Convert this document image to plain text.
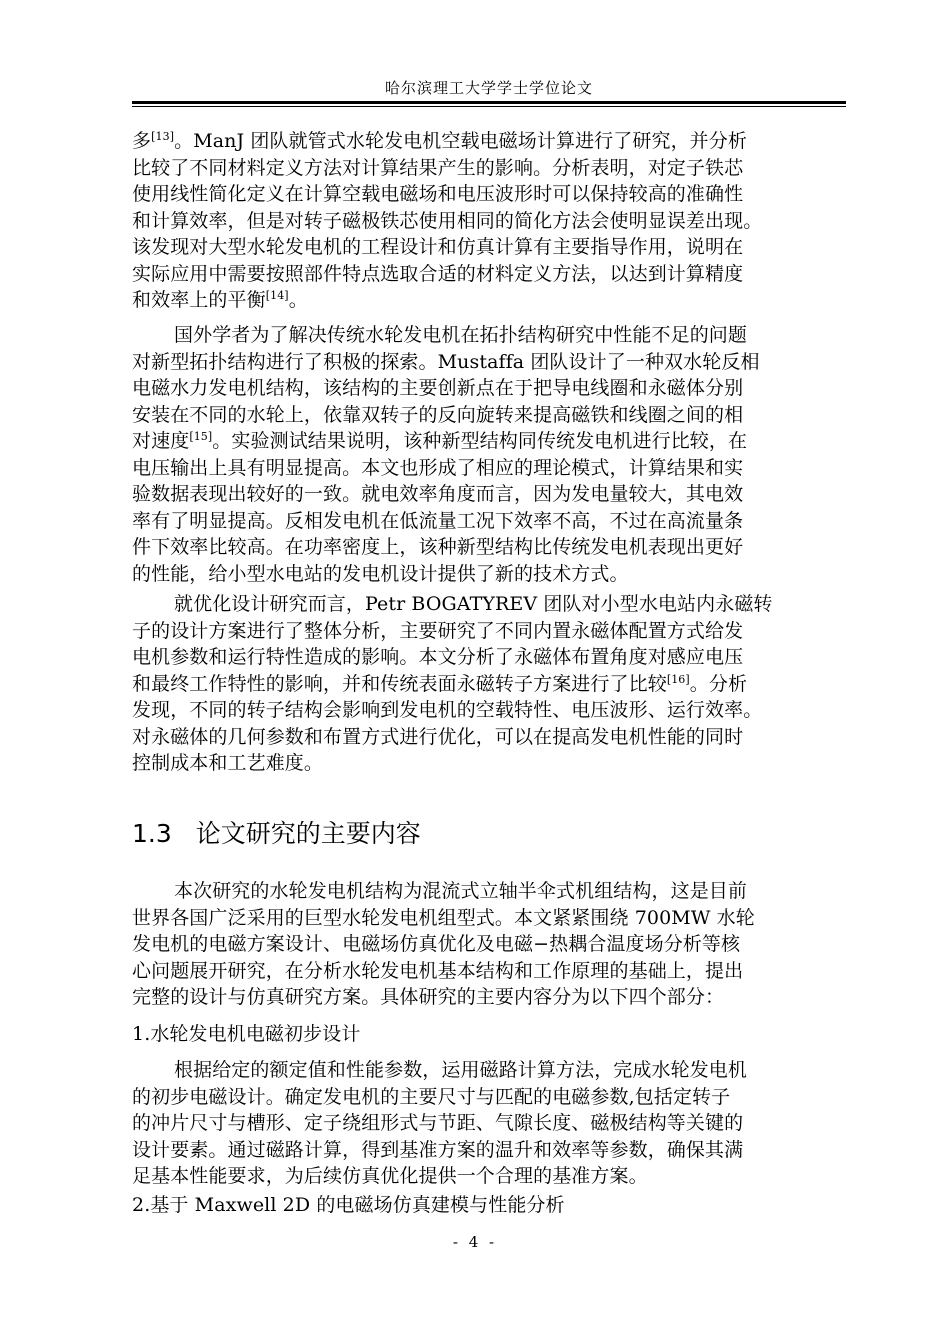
哈尔滨理工大学学士学位论文

多[13]。ManJ 团队就管式水轮发电机空载电磁场计算进行了研究，并分析

比较了不同材料定义方法对计算结果产生的影响。分析表明，对定子铁芯

使用线性简化定义在计算空载电磁场和电压波形时可以保持较高的准确性

和计算效率，但是对转子磁极铁芯使用相同的简化方法会使明显误差出现。

该发现对大型水轮发电机的工程设计和仿真计算有主要指导作用，说明在

实际应用中需要按照部件特点选取合适的材料定义方法，以达到计算精度

和效率上的平衡[14]。

国外学者为了解决传统水轮发电机在拓扑结构研究中性能不足的问题

对新型拓扑结构进行了积极的探索。Mustaffa 团队设计了一种双水轮反相

电磁水力发电机结构，该结构的主要创新点在于把导电线圈和永磁体分别

安装在不同的水轮上，依靠双转子的反向旋转来提高磁铁和线圈之间的相

对速度[15]。实验测试结果说明，该种新型结构同传统发电机进行比较，在

电压输出上具有明显提高。本文也形成了相应的理论模式，计算结果和实

验数据表现出较好的一致。就电效率角度而言，因为发电量较大，其电效

率有了明显提高。反相发电机在低流量工况下效率不高，不过在高流量条

件下效率比较高。在功率密度上，该种新型结构比传统发电机表现出更好

的性能，给小型水电站的发电机设计提供了新的技术方式。

就优化设计研究而言，Petr BOGATYREV 团队对小型水电站内永磁转

子的设计方案进行了整体分析，主要研究了不同内置永磁体配置方式给发

电机参数和运行特性造成的影响。本文分析了永磁体布置角度对感应电压

和最终工作特性的影响，并和传统表面永磁转子方案进行了比较[16]。分析

发现，不同的转子结构会影响到发电机的空载特性、电压波形、运行效率。

对永磁体的几何参数和布置方式进行优化，可以在提高发电机性能的同时

控制成本和工艺难度。

1.3 论文研究的主要内容

本次研究的水轮发电机结构为混流式立轴半伞式机组结构，这是目前

世界各国广泛采用的巨型水轮发电机组型式。本文紧紧围绕 700MW 水轮

发电机的电磁方案设计、电磁场仿真优化及电磁−热耦合温度场分析等核

心问题展开研究，在分析水轮发电机基本结构和工作原理的基础上，提出

完整的设计与仿真研究方案。具体研究的主要内容分为以下四个部分：

1.水轮发电机电磁初步设计

根据给定的额定值和性能参数，运用磁路计算方法，完成水轮发电机

的初步电磁设计。确定发电机的主要尺寸与匹配的电磁参数,包括定转子

的冲片尺寸与槽形、定子绕组形式与节距、气隙长度、磁极结构等关键的

设计要素。通过磁路计算，得到基准方案的温升和效率等参数，确保其满

足基本性能要求，为后续仿真优化提供一个合理的基准方案。

2.基于 Maxwell 2D 的电磁场仿真建模与性能分析

- 4 -
